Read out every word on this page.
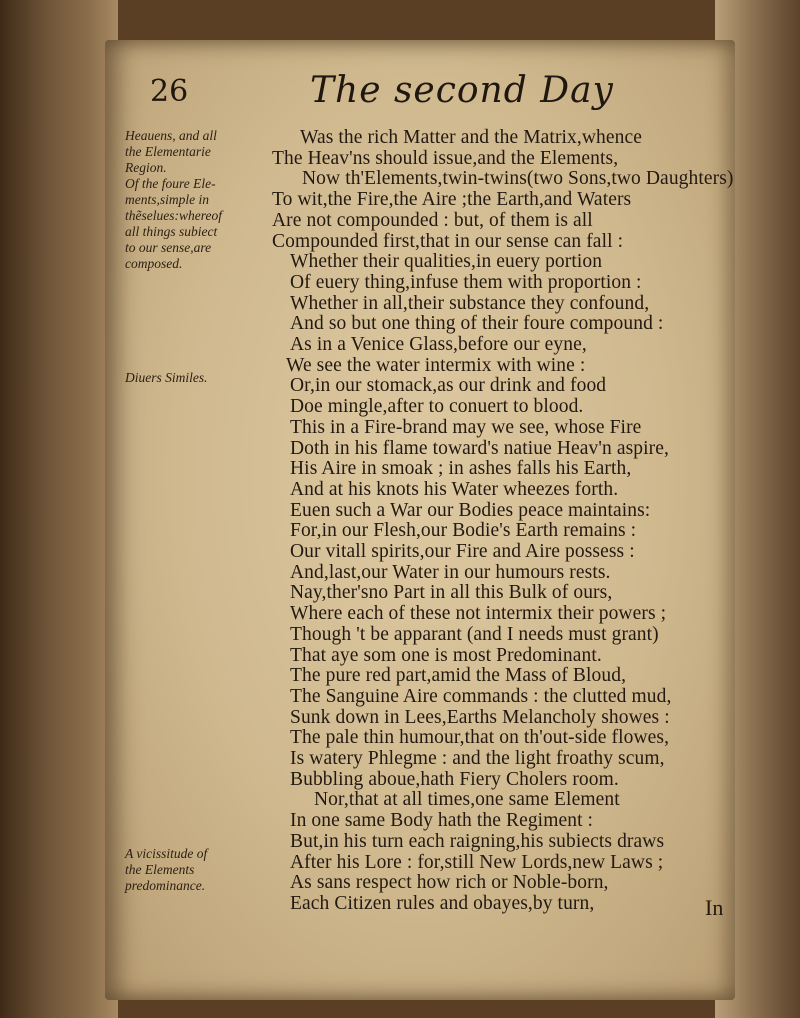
26	The second Day
Heauens, and all
the Elementarie
Region.
Of the foure Ele-
ments,simple in
thẽselues:whereof
all things subiect
to our sense,are
composed.
Diuers Similes.
A vicissitude of
the Elements
predominance.
Was the rich Matter and the Matrix,whence
The Heav'ns should issue,and the Elements,
Now th'Elements,twin-twins(two Sons,two Daughters)
To wit,the Fire,the Aire ;the Earth,and Waters
Are not compounded : but, of them is all
Compounded first,that in our sense can fall :
Whether their qualities,in euery portion
Of euery thing,infuse them with proportion :
Whether in all,their substance they confound,
And so but one thing of their foure compound :
As in a Venice Glass,before our eyne,
We see the water intermix with wine :
Or,in our stomack,as our drink and food
Doe mingle,after to conuert to blood.
This in a Fire-brand may we see, whose Fire
Doth in his flame toward's natiue Heav'n aspire,
His Aire in smoak ; in ashes falls his Earth,
And at his knots his Water wheezes forth.
Euen such a War our Bodies peace maintains:
For,in our Flesh,our Bodie's Earth remains :
Our vitall spirits,our Fire and Aire possess :
And,last,our Water in our humours rests.
Nay,ther'sno Part in all this Bulk of ours,
Where each of these not intermix their powers ;
Though 't be apparant (and I needs must grant)
That aye som one is most Predominant.
The pure red part,amid the Mass of Bloud,
The Sanguine Aire commands : the clutted mud,
Sunk down in Lees,Earths Melancholy showes :
The pale thin humour,that on th'out-side flowes,
Is watery Phlegme : and the light froathy scum,
Bubbling aboue,hath Fiery Cholers room.
Nor,that at all times,one same Element
In one same Body hath the Regiment :
But,in his turn each raigning,his subiects draws
After his Lore : for,still New Lords,new Laws ;
As sans respect how rich or Noble-born,
Each Citizen rules and obayes,by turn,	In
